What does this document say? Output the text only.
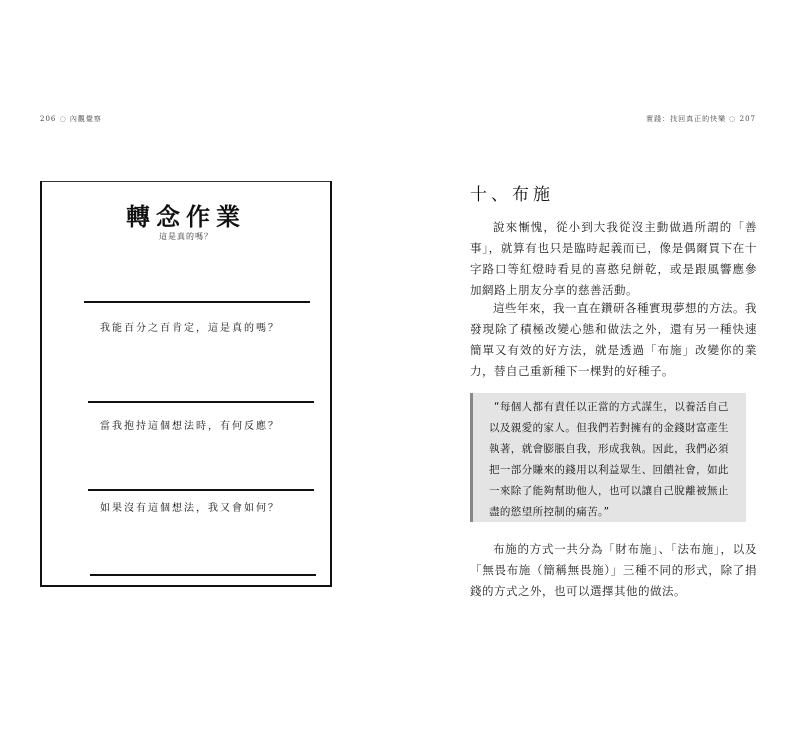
206 ◌ 內觀覺察	實踐：找回真正的快樂 ◌ 207
轉念作業
這是真的嗎？
我能百分之百肯定，這是真的嗎？
當我抱持這個想法時，有何反應？
如果沒有這個想法，我又會如何？
十、布施

說來慚愧，從小到大我從沒主動做過所謂的「善事」，就算有也只是臨時起義而已，像是偶爾買下在十字路口等紅燈時看見的喜憨兒餅乾，或是跟風響應參加網路上朋友分享的慈善活動。

這些年來，我一直在鑽研各種實現夢想的方法。我發現除了積極改變心態和做法之外，還有另一種快速簡單又有效的好方法，就是透過「布施」改變你的業力，替自己重新種下一棵對的好種子。

“每個人都有責任以正當的方式謀生，以養活自己以及親愛的家人。但我們若對擁有的金錢財富產生執著，就會膨脹自我，形成我執。因此，我們必須把一部分賺來的錢用以利益眾生、回饋社會，如此一來除了能夠幫助他人，也可以讓自己脫離被無止盡的慾望所控制的痛苦。”

布施的方式一共分為「財布施」、「法布施」，以及「無畏布施（簡稱無畏施）」三種不同的形式，除了捐錢的方式之外，也可以選擇其他的做法。
